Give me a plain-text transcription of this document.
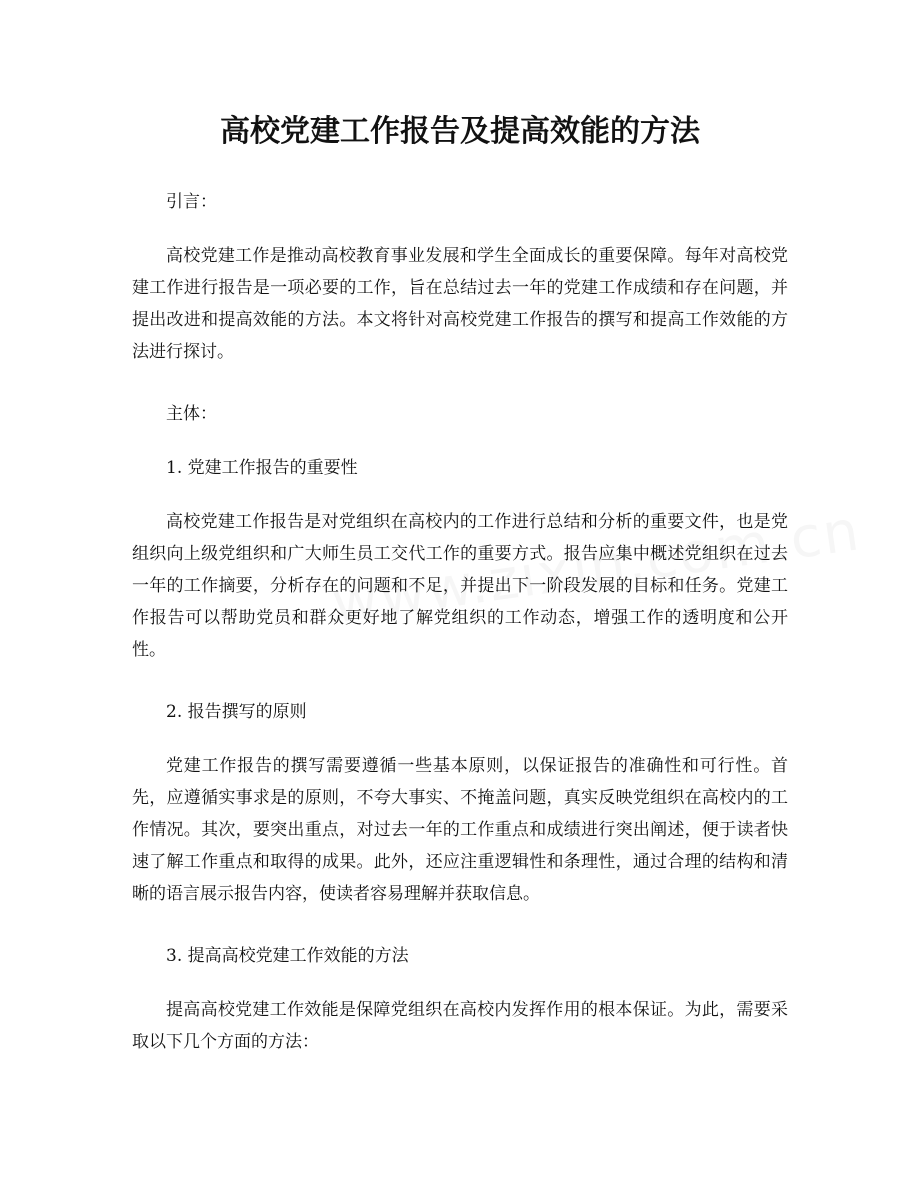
高校党建工作报告及提高效能的方法

引言：

高校党建工作是推动高校教育事业发展和学生全面成长的重要保障。每年对高校党建工作进行报告是一项必要的工作，旨在总结过去一年的党建工作成绩和存在问题，并提出改进和提高效能的方法。本文将针对高校党建工作报告的撰写和提高工作效能的方法进行探讨。

主体：

1. 党建工作报告的重要性

高校党建工作报告是对党组织在高校内的工作进行总结和分析的重要文件，也是党组织向上级党组织和广大师生员工交代工作的重要方式。报告应集中概述党组织在过去一年的工作摘要，分析存在的问题和不足，并提出下一阶段发展的目标和任务。党建工作报告可以帮助党员和群众更好地了解党组织的工作动态，增强工作的透明度和公开性。

2. 报告撰写的原则

党建工作报告的撰写需要遵循一些基本原则，以保证报告的准确性和可行性。首先，应遵循实事求是的原则，不夸大事实、不掩盖问题，真实反映党组织在高校内的工作情况。其次，要突出重点，对过去一年的工作重点和成绩进行突出阐述，便于读者快速了解工作重点和取得的成果。此外，还应注重逻辑性和条理性，通过合理的结构和清晰的语言展示报告内容，使读者容易理解并获取信息。

3. 提高高校党建工作效能的方法

提高高校党建工作效能是保障党组织在高校内发挥作用的根本保证。为此，需要采取以下几个方面的方法：
